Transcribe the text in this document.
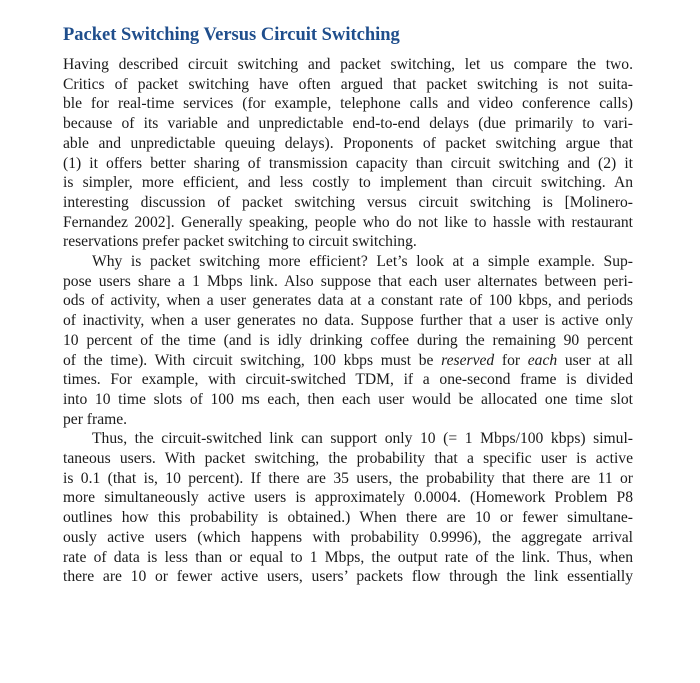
Packet Switching Versus Circuit Switching

Having described circuit switching and packet switching, let us compare the two.
Critics of packet switching have often argued that packet switching is not suita-
ble for real-time services (for example, telephone calls and video conference calls)
because of its variable and unpredictable end-to-end delays (due primarily to vari-
able and unpredictable queuing delays). Proponents of packet switching argue that
(1) it offers better sharing of transmission capacity than circuit switching and (2) it
is simpler, more efficient, and less costly to implement than circuit switching. An
interesting discussion of packet switching versus circuit switching is [Molinero-
Fernandez 2002]. Generally speaking, people who do not like to hassle with restaurant
reservations prefer packet switching to circuit switching.

Why is packet switching more efficient? Let’s look at a simple example. Sup-
pose users share a 1 Mbps link. Also suppose that each user alternates between peri-
ods of activity, when a user generates data at a constant rate of 100 kbps, and periods
of inactivity, when a user generates no data. Suppose further that a user is active only
10 percent of the time (and is idly drinking coffee during the remaining 90 percent
of the time). With circuit switching, 100 kbps must be reserved for each user at all
times. For example, with circuit-switched TDM, if a one-second frame is divided
into 10 time slots of 100 ms each, then each user would be allocated one time slot
per frame.

Thus, the circuit-switched link can support only 10 (= 1 Mbps/100 kbps) simul-
taneous users. With packet switching, the probability that a specific user is active
is 0.1 (that is, 10 percent). If there are 35 users, the probability that there are 11 or
more simultaneously active users is approximately 0.0004. (Homework Problem P8
outlines how this probability is obtained.) When there are 10 or fewer simultane-
ously active users (which happens with probability 0.9996), the aggregate arrival
rate of data is less than or equal to 1 Mbps, the output rate of the link. Thus, when
there are 10 or fewer active users, users’ packets flow through the link essentially
